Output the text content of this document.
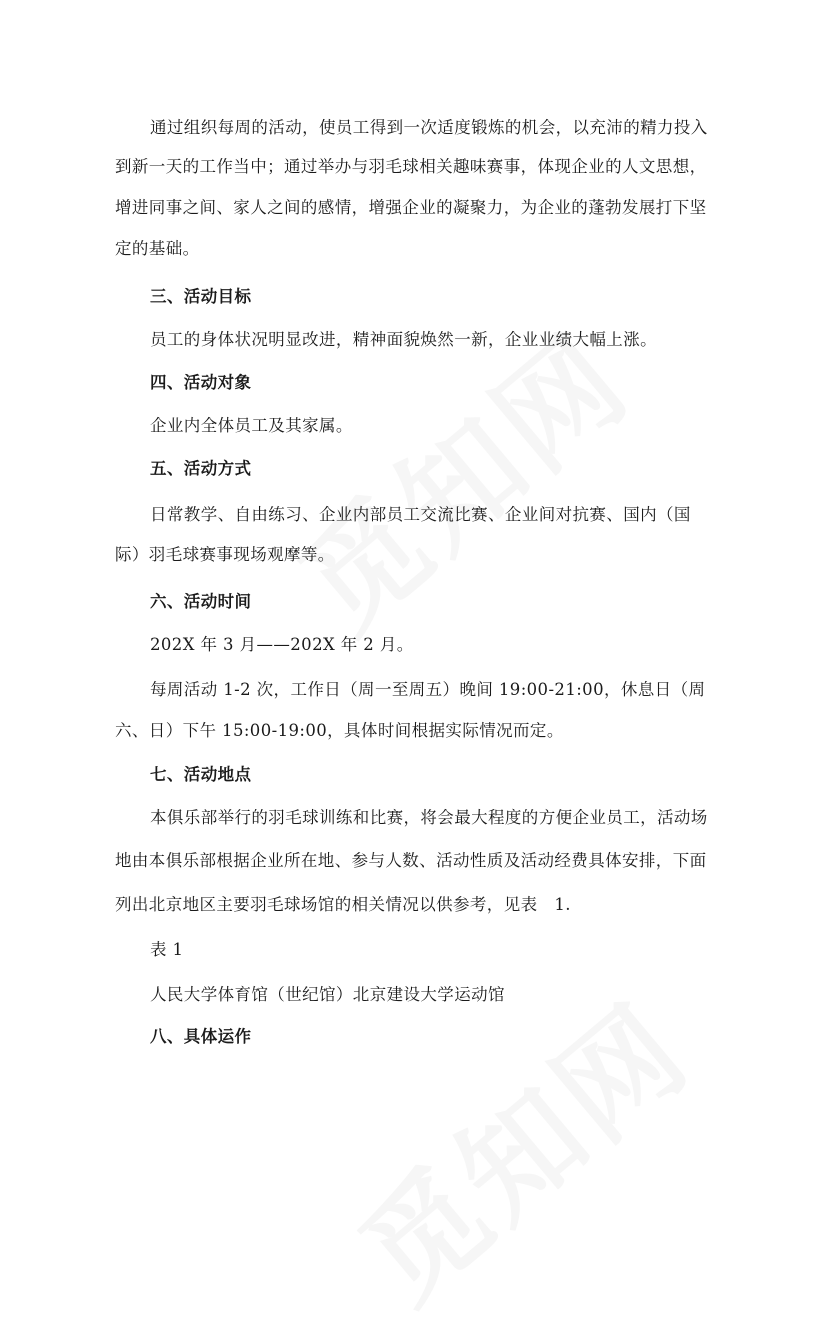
通过组织每周的活动，使员工得到一次适度锻炼的机会，以充沛的精力投入
到新一天的工作当中；通过举办与羽毛球相关趣味赛事，体现企业的人文思想，
增进同事之间、家人之间的感情，增强企业的凝聚力，为企业的蓬勃发展打下坚
定的基础。
三、活动目标
员工的身体状况明显改进，精神面貌焕然一新，企业业绩大幅上涨。
四、活动对象
企业内全体员工及其家属。
五、活动方式
日常教学、自由练习、企业内部员工交流比赛、企业间对抗赛、国内（国
际）羽毛球赛事现场观摩等。
六、活动时间
202X 年 3 月——202X 年 2 月。
每周活动 1-2 次，工作日（周一至周五）晚间 19:00-21:00，休息日（周
六、日）下午 15:00-19:00，具体时间根据实际情况而定。
七、活动地点
本俱乐部举行的羽毛球训练和比赛，将会最大程度的方便企业员工，活动场
地由本俱乐部根据企业所在地、参与人数、活动性质及活动经费具体安排，下面
列出北京地区主要羽毛球场馆的相关情况以供参考，见表　1.
表 1
人民大学体育馆（世纪馆）北京建设大学运动馆
八、具体运作
